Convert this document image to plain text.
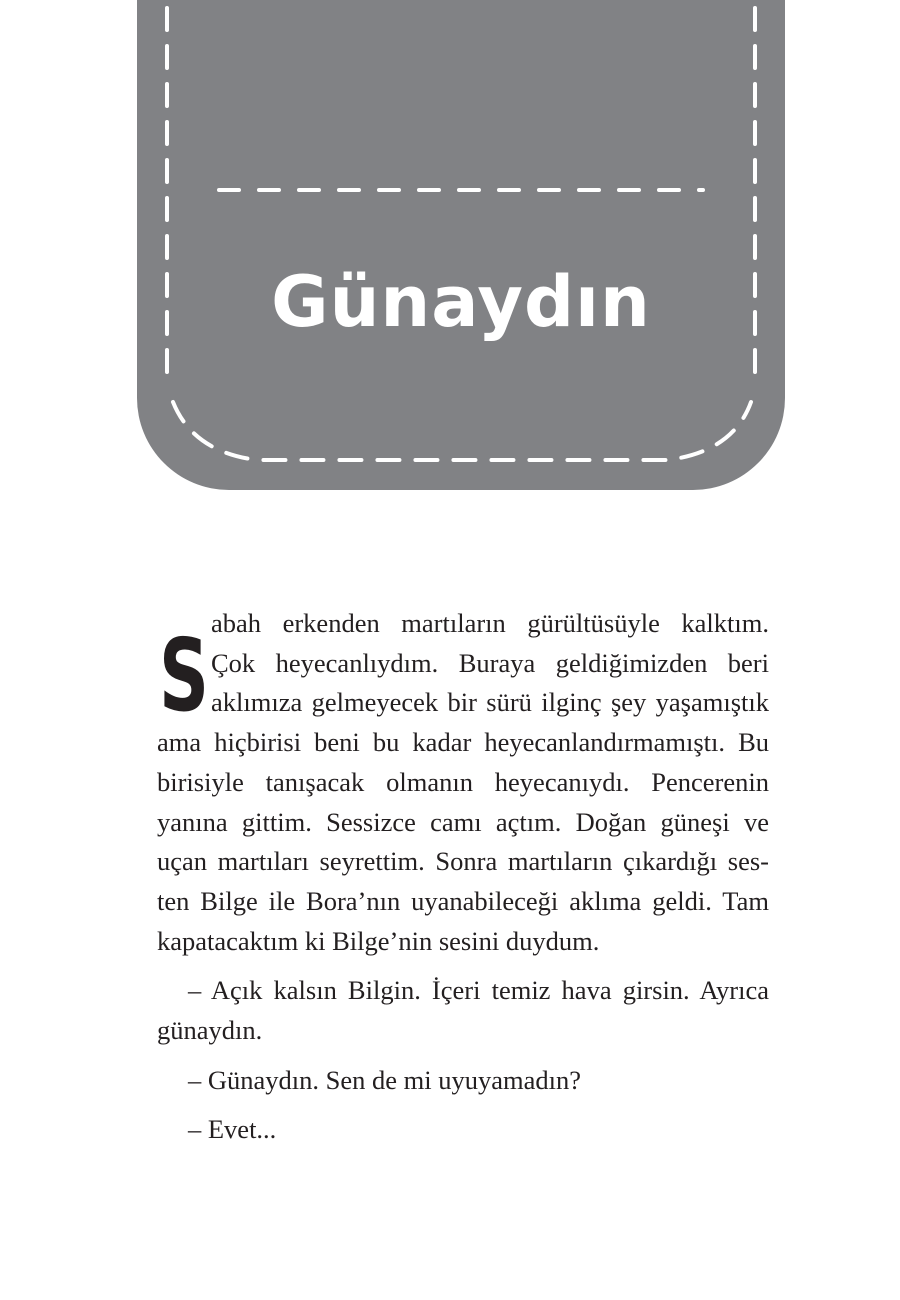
Günaydın
S abah erkenden martıların gürültüsüyle kalktım.
Çok heyecanlıydım. Buraya geldiğimizden beri
aklımıza gelmeyecek bir sürü ilginç şey yaşamıştık
ama hiçbirisi beni bu kadar heyecanlandırmamıştı. Bu
birisiyle tanışacak olmanın heyecanıydı. Pencerenin
yanına gittim. Sessizce camı açtım. Doğan güneşi ve
uçan martıları seyrettim. Sonra martıların çıkardığı ses-
ten Bilge ile Bora’nın uyanabileceği aklıma geldi. Tam
kapatacaktım ki Bilge’nin sesini duydum.
– Açık kalsın Bilgin. İçeri temiz hava girsin. Ayrıca
günaydın.
– Günaydın. Sen de mi uyuyamadın?
– Evet...
